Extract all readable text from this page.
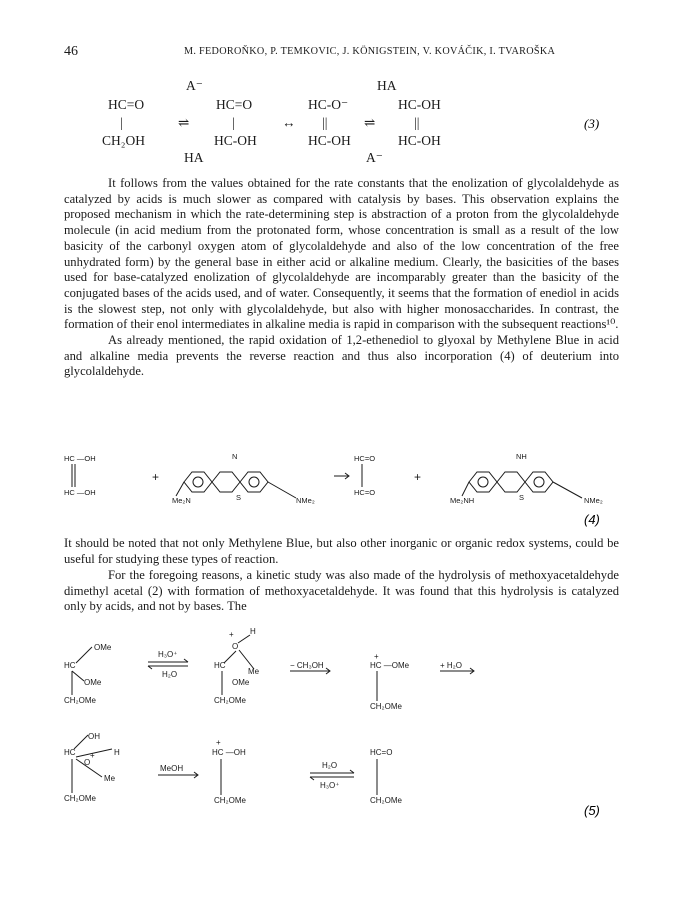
46	M. FEDOROŇKO, P. TEMKOVIC, J. KÖNIGSTEIN, V. KOVÁČIK, I. TVAROŠKA
A⁻	HA
HC=O	HC=O	HC-O⁻	HC-OH
|	⇌	|	↔ ||	⇌	||
CH₂OH	HC-OH	HC-OH	HC-OH
HA	A⁻
(3)

It follows from the values obtained for the rate constants that the enolization of glycolaldehyde as catalyzed by acids is much slower as compared with catalysis by bases. This observation explains the proposed mechanism in which the rate-determining step is abstraction of a proton from the glycolaldehyde molecule (in acid medium from the protonated form, whose concentration is small as a result of the low basicity of the carbonyl oxygen atom of glycolaldehyde and also of the low concentration of the free unhydrated form) by the general base in either acid or alkaline medium. Clearly, the basicities of the bases used for base-catalyzed enolization of glycolaldehyde are incomparably greater than the basicity of the conjugated bases of the acids used, and of water. Consequently, it seems that the formation of enediol in acids is the slowest step, not only with glycolaldehyde, but also with higher monosaccharides. In contrast, the formation of their enol intermediates in alkaline media is rapid in comparison with the subsequent reactions¹⁰.

As already mentioned, the rapid oxidation of 1,2-ethenediol to glyoxal by Methylene Blue in acid and alkaline media prevents the reverse reaction and thus also incorporation (4) of deuterium into glycolaldehyde.

HC —OH
HC —OH
+
N
S
Me₂N	NMe₂
HC=O
HC=O
+
NH
S
Me₂NH	NMe₂
(4)

It should be noted that not only Methylene Blue, but also other inorganic or organic redox systems, could be useful for studying these types of reaction.

For the foregoing reasons, a kinetic study was also made of the hydrolysis of methoxyacetaldehyde dimethyl acetal (2) with formation of methoxyacetaldehyde. It was found that this hydrolysis is catalyzed only by acids, and not by bases. The

OMe
HC
OMe
CH₂OMe
H₃O⁺
H₂O
+ H
O
HC
Me
OMe
CH₂OMe
− CH₃OH
+
HC —OMe
CH₂OMe
+ H₂O
OH
HC	H
O
+
Me
CH₂OMe
MeOH
+
HC —OH
CH₂OMe
H₂O
H₃O⁺
HC=O
CH₂OMe
(5)
